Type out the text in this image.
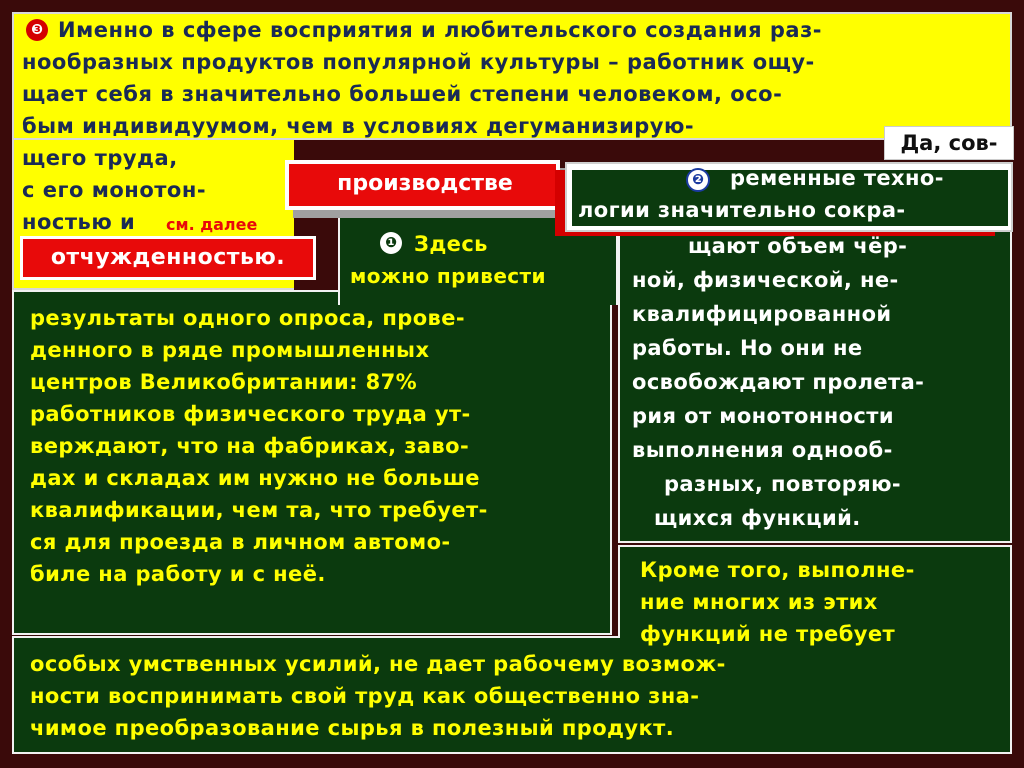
❸ Именно в сфере восприятия и любительского создания раз-
нообразных продуктов популярной культуры – работник ощу-
щает себя в значительно большей степени человеком, осо-
бым индивидуумом, чем в условиях дегуманизирую-
щего труда,
с его монотон-
ностью и см. далее
отчужденностью.
производстве
❶ Здесь
можно привести
результаты одного опроса, прове-
денного в ряде промышленных
центров Великобритании: 87%
работников физического труда ут-
верждают, что на фабриках, заво-
дах и складах им нужно не больше
квалификации, чем та, что требует-
ся для проезда в личном автомо-
биле на работу и с неё.
Да, сов-
❷ ременные техно-
логии значительно сокра-
щают объем чёр-
ной, физической, не-
квалифицированной
работы. Но они не
освобождают пролета-
рия от монотонности
выполнения однооб-
разных, повторяю-
щихся функций.
Кроме того, выполне-
ние многих из этих
функций не требует
особых умственных усилий, не дает рабочему возмож-
ности воспринимать свой труд как общественно зна-
чимое преобразование сырья в полезный продукт.
